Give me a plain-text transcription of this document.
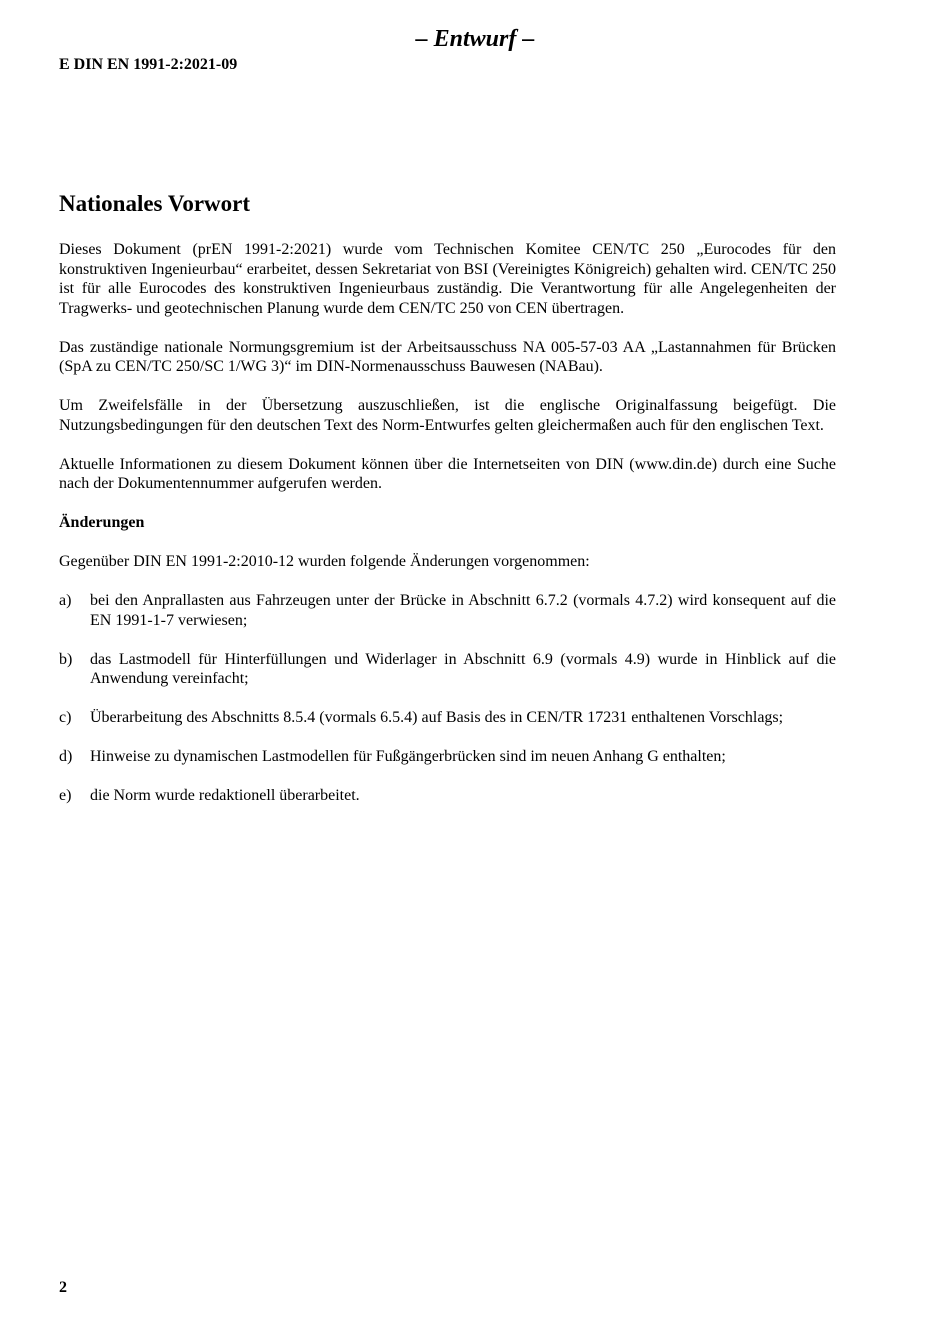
– Entwurf –
E DIN EN 1991-2:2021-09
Nationales Vorwort

Dieses Dokument (prEN 1991-2:2021) wurde vom Technischen Komitee CEN/TC 250 „Eurocodes für den konstruktiven Ingenieurbau“ erarbeitet, dessen Sekretariat von BSI (Vereinigtes Königreich) gehalten wird. CEN/TC 250 ist für alle Eurocodes des konstruktiven Ingenieurbaus zuständig. Die Verantwortung für alle Angelegenheiten der Tragwerks- und geotechnischen Planung wurde dem CEN/TC 250 von CEN übertragen.

Das zuständige nationale Normungsgremium ist der Arbeitsausschuss NA 005-57-03 AA „Lastannahmen für Brücken (SpA zu CEN/TC 250/SC 1/WG 3)“ im DIN-Normenausschuss Bauwesen (NABau).

Um Zweifelsfälle in der Übersetzung auszuschließen, ist die englische Originalfassung beigefügt. Die Nutzungsbedingungen für den deutschen Text des Norm-Entwurfes gelten gleichermaßen auch für den englischen Text.

Aktuelle Informationen zu diesem Dokument können über die Internetseiten von DIN (www.din.de) durch eine Suche nach der Dokumentennummer aufgerufen werden.

Änderungen

Gegenüber DIN EN 1991-2:2010-12 wurden folgende Änderungen vorgenommen:

a)	bei den Anprallasten aus Fahrzeugen unter der Brücke in Abschnitt 6.7.2 (vormals 4.7.2) wird konsequent auf die EN 1991-1-7 verwiesen;
b)	das Lastmodell für Hinterfüllungen und Widerlager in Abschnitt 6.9 (vormals 4.9) wurde in Hinblick auf die Anwendung vereinfacht;
c)	Überarbeitung des Abschnitts 8.5.4 (vormals 6.5.4) auf Basis des in CEN/TR 17231 enthaltenen Vorschlags;
d)	Hinweise zu dynamischen Lastmodellen für Fußgängerbrücken sind im neuen Anhang G enthalten;
e)	die Norm wurde redaktionell überarbeitet.
2
